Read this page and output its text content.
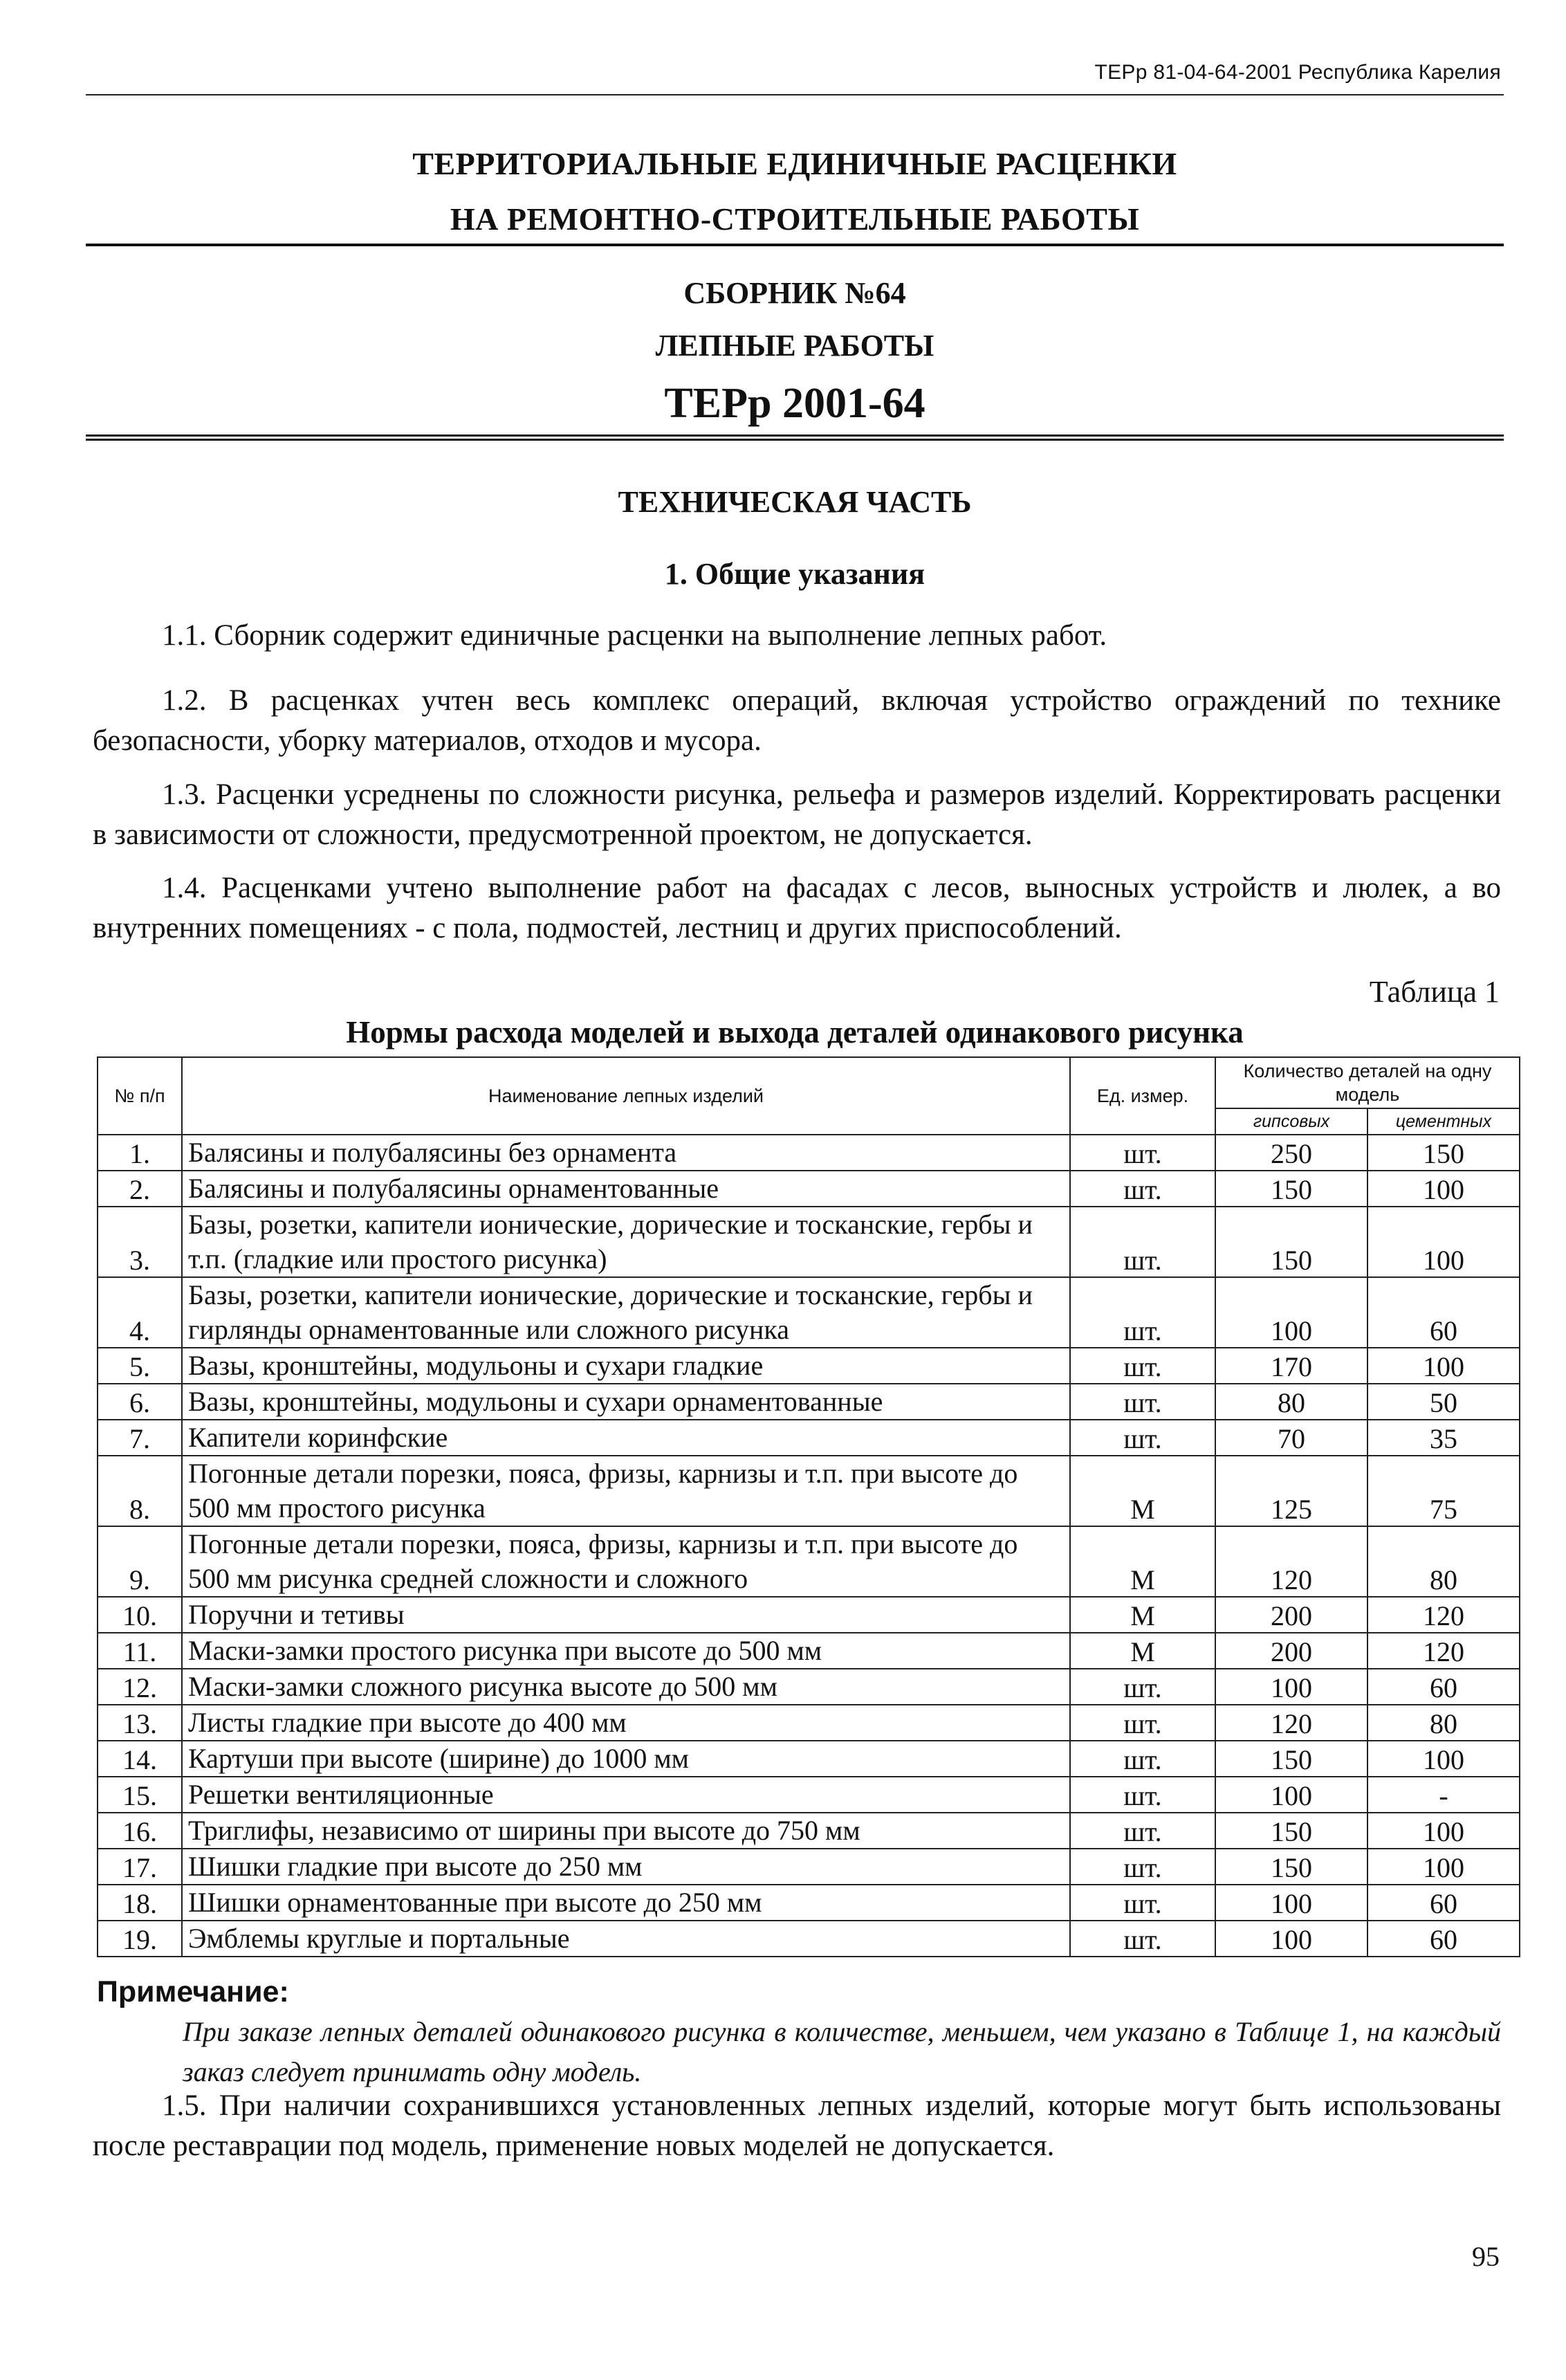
ТЕРр 81-04-64-2001 Республика Карелия
ТЕРРИТОРИАЛЬНЫЕ ЕДИНИЧНЫЕ РАСЦЕНКИ
НА РЕМОНТНО-СТРОИТЕЛЬНЫЕ РАБОТЫ
СБОРНИК №64
ЛЕПНЫЕ РАБОТЫ
ТЕРр 2001-64
ТЕХНИЧЕСКАЯ ЧАСТЬ
1. Общие указания
1.1. Сборник содержит единичные расценки на выполнение лепных работ.
1.2. В расценках учтен весь комплекс операций, включая устройство ограждений по технике безопасности, уборку материалов, отходов и мусора.
1.3. Расценки усреднены по сложности рисунка, рельефа и размеров изделий. Корректировать расценки в зависимости от сложности, предусмотренной проектом, не допускается.
1.4. Расценками учтено выполнение работ на фасадах с лесов, выносных устройств и люлек, а во внутренних помещениях - с пола, подмостей, лестниц и других приспособлений.
Таблица 1
Нормы расхода моделей и выхода деталей одинакового рисунка
№ п/п	Наименование лепных изделий	Ед. измер.	Количество деталей на одну модель	
			гипсовых	цементных
1.	Балясины и полубалясины без орнамента	шт.	250	150
2.	Балясины и полубалясины орнаментованные	шт.	150	100
3.	Базы, розетки, капители ионические, дорические и тосканские, гербы и т.п. (гладкие или простого рисунка)	шт.	150	100
4.	Базы, розетки, капители ионические, дорические и тосканские, гербы и гирлянды орнаментованные или сложного рисунка	шт.	100	60
5.	Вазы, кронштейны, модульоны и сухари гладкие	шт.	170	100
6.	Вазы, кронштейны, модульоны и сухари орнаментованные	шт.	80	50
7.	Капители коринфские	шт.	70	35
8.	Погонные детали порезки, пояса, фризы, карнизы и т.п. при высоте до 500 мм простого рисунка	М	125	75
9.	Погонные детали порезки, пояса, фризы, карнизы и т.п. при высоте до 500 мм рисунка средней сложности и сложного	М	120	80
10.	Поручни и тетивы	М	200	120
11.	Маски-замки простого рисунка при высоте до 500 мм	М	200	120
12.	Маски-замки сложного рисунка высоте до 500 мм	шт.	100	60
13.	Листы гладкие при высоте до 400 мм	шт.	120	80
14.	Картуши при высоте (ширине) до 1000 мм	шт.	150	100
15.	Решетки вентиляционные	шт.	100	-
16.	Триглифы, независимо от ширины при высоте до 750 мм	шт.	150	100
17.	Шишки гладкие при высоте до 250 мм	шт.	150	100
18.	Шишки орнаментованные при высоте до 250 мм	шт.	100	60
19.	Эмблемы круглые и портальные	шт.	100	60
Примечание:
При заказе лепных деталей одинакового рисунка в количестве, меньшем, чем указано в Таблице 1, на каждый заказ следует принимать одну модель.
1.5. При наличии сохранившихся установленных лепных изделий, которые могут быть использованы после реставрации под модель, применение новых моделей не допускается.
95
